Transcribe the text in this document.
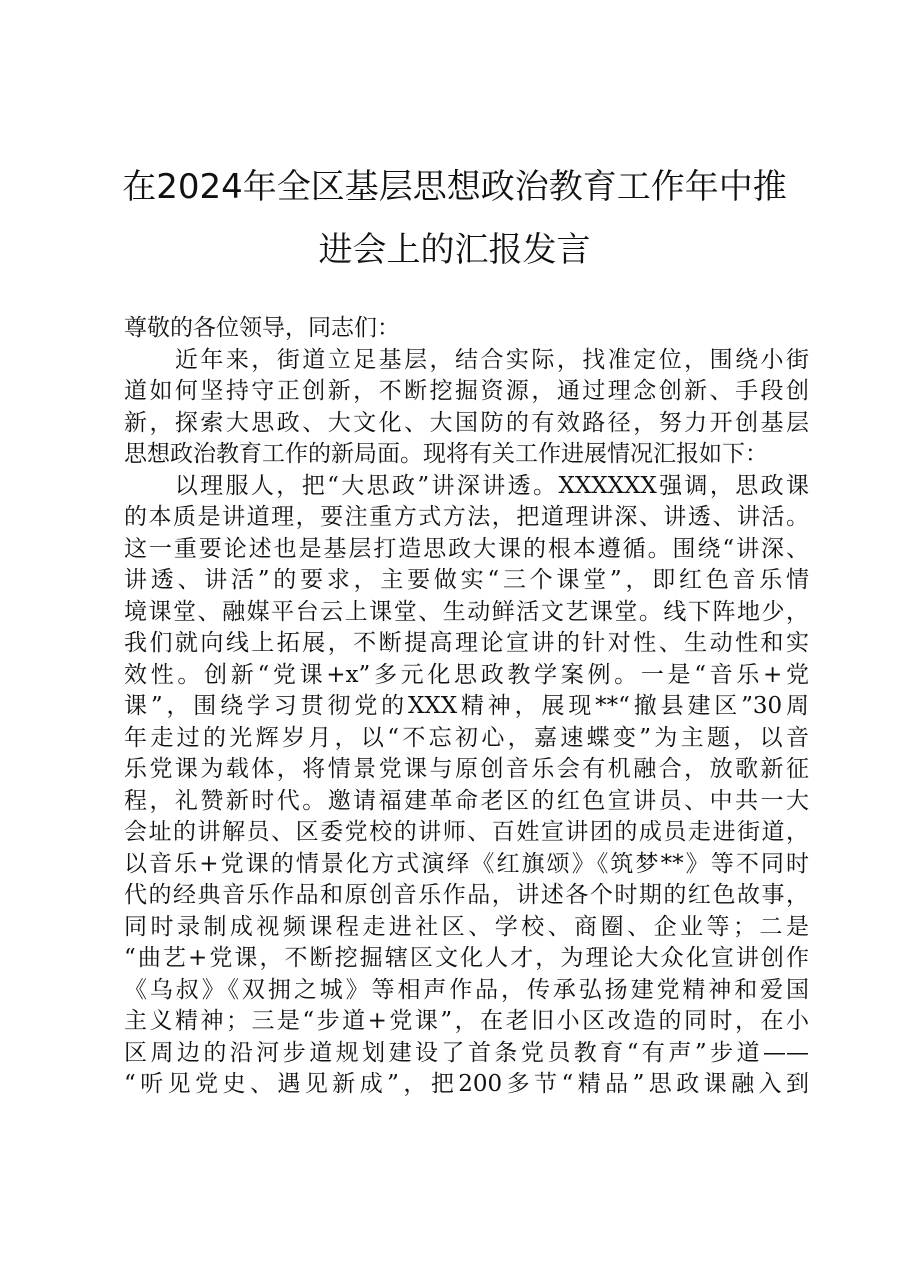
在2024年全区基层思想政治教育工作年中推
进会上的汇报发言
尊敬的各位领导，同志们：
　　近年来，街道立足基层，结合实际，找准定位，围绕小街
道如何坚持守正创新，不断挖掘资源，通过理念创新、手段创
新，探索大思政、大文化、大国防的有效路径，努力开创基层
思想政治教育工作的新局面。现将有关工作进展情况汇报如下：
　　以理服人，把“大思政”讲深讲透。XXXXXX强调，思政课
的本质是讲道理，要注重方式方法，把道理讲深、讲透、讲活。
这一重要论述也是基层打造思政大课的根本遵循。围绕“讲深、
讲透、讲活”的要求，主要做实“三个课堂”，即红色音乐情
境课堂、融媒平台云上课堂、生动鲜活文艺课堂。线下阵地少，
我们就向线上拓展，不断提高理论宣讲的针对性、生动性和实
效性。创新“党课+x”多元化思政教学案例。一是“音乐+党
课”，围绕学习贯彻党的XXX精神，展现**“撤县建区”30周
年走过的光辉岁月，以“不忘初心，嘉速蝶变”为主题，以音
乐党课为载体，将情景党课与原创音乐会有机融合，放歌新征
程，礼赞新时代。邀请福建革命老区的红色宣讲员、中共一大
会址的讲解员、区委党校的讲师、百姓宣讲团的成员走进街道，
以音乐+党课的情景化方式演绎《红旗颂》《筑梦**》等不同时
代的经典音乐作品和原创音乐作品，讲述各个时期的红色故事，
同时录制成视频课程走进社区、学校、商圈、企业等；二是
“曲艺+党课，不断挖掘辖区文化人才，为理论大众化宣讲创作
《乌叔》《双拥之城》等相声作品，传承弘扬建党精神和爱国
主义精神；三是“步道+党课”，在老旧小区改造的同时，在小
区周边的沿河步道规划建设了首条党员教育“有声”步道——
“听见党史、遇见新成”，把200多节“精品”思政课融入到
